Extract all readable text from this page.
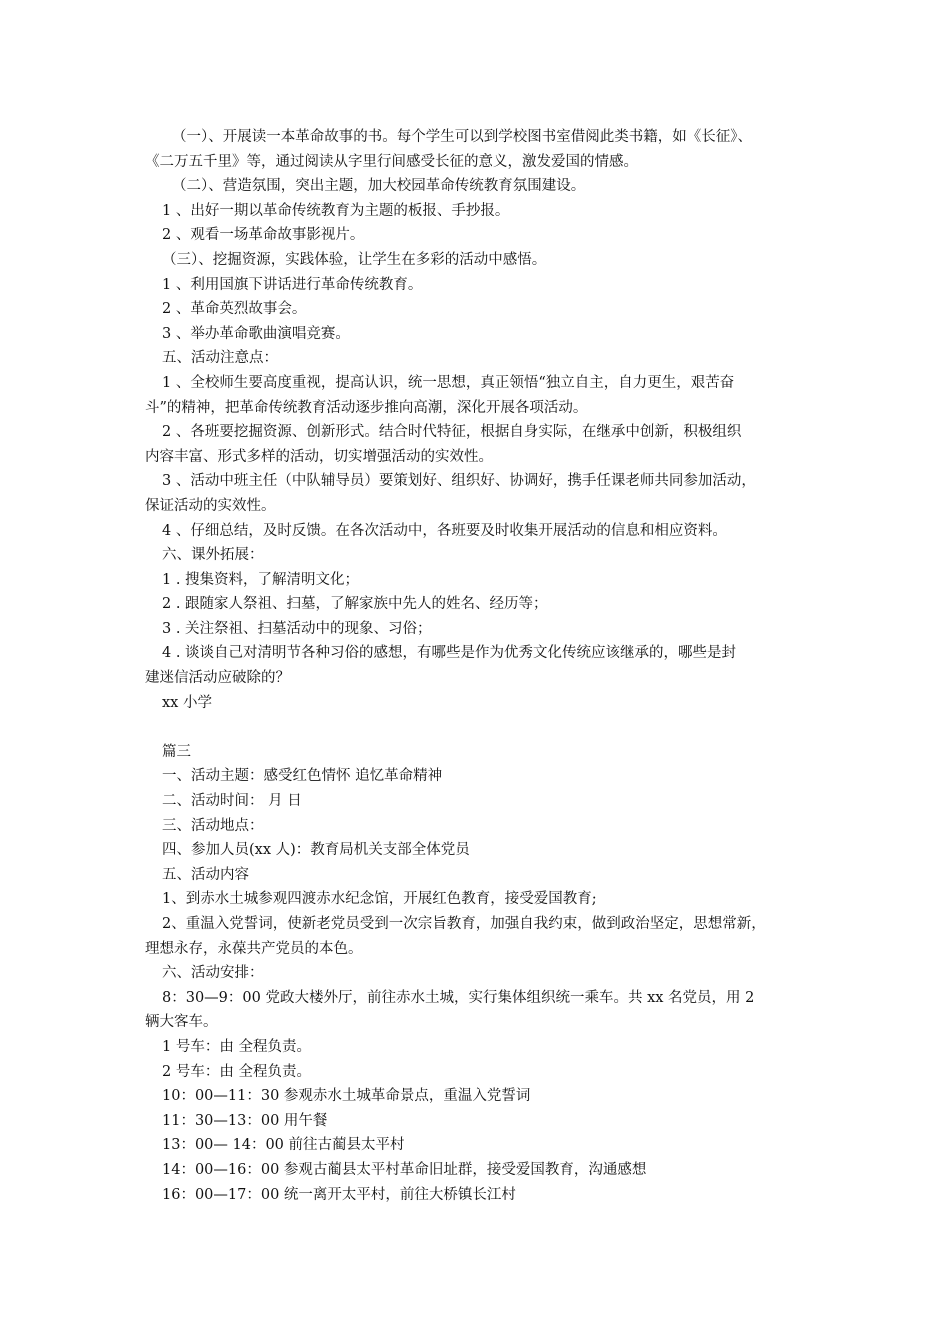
（一）、开展读一本革命故事的书。每个学生可以到学校图书室借阅此类书籍，如《长征》、
《二万五千里》等，通过阅读从字里行间感受长征的意义，激发爱国的情感。
（二）、营造氛围，突出主题，加大校园革命传统教育氛围建设。
1 、出好一期以革命传统教育为主题的板报、手抄报。
2 、观看一场革命故事影视片。
（三）、挖掘资源，实践体验，让学生在多彩的活动中感悟。
1 、利用国旗下讲话进行革命传统教育。
2 、革命英烈故事会。
3 、举办革命歌曲演唱竞赛。
五、活动注意点：
1 、全校师生要高度重视，提高认识，统一思想，真正领悟“独立自主，自力更生，艰苦奋
斗”的精神，把革命传统教育活动逐步推向高潮，深化开展各项活动。
2 、各班要挖掘资源、创新形式。结合时代特征，根据自身实际，在继承中创新，积极组织
内容丰富、形式多样的活动，切实增强活动的实效性。
3 、活动中班主任（中队辅导员）要策划好、组织好、协调好，携手任课老师共同参加活动，
保证活动的实效性。
4 、仔细总结，及时反馈。在各次活动中，各班要及时收集开展活动的信息和相应资料。
六、课外拓展：
1 . 搜集资料，了解清明文化；
2 . 跟随家人祭祖、扫墓，了解家族中先人的姓名、经历等；
3 . 关注祭祖、扫墓活动中的现象、习俗；
4 . 谈谈自己对清明节各种习俗的感想，有哪些是作为优秀文化传统应该继承的，哪些是封
建迷信活动应破除的？
xx 小学
篇三
一、活动主题：感受红色情怀 追忆革命精神
二、活动时间： 月 日
三、活动地点：
四、参加人员(xx 人)：教育局机关支部全体党员
五、活动内容
1、到赤水土城参观四渡赤水纪念馆，开展红色教育，接受爱国教育;
2、重温入党誓词，使新老党员受到一次宗旨教育，加强自我约束，做到政治坚定，思想常新，
理想永存，永葆共产党员的本色。
六、活动安排：
8：30—9：00 党政大楼外厅，前往赤水土城，实行集体组织统一乘车。共 xx 名党员，用 2
辆大客车。
1 号车：由 全程负责。
2 号车：由 全程负责。
10：00—11：30 参观赤水土城革命景点，重温入党誓词
11：30—13：00 用午餐
13：00— 14：00 前往古蔺县太平村
14：00—16：00 参观古蔺县太平村革命旧址群，接受爱国教育，沟通感想
16：00—17：00 统一离开太平村，前往大桥镇长江村
